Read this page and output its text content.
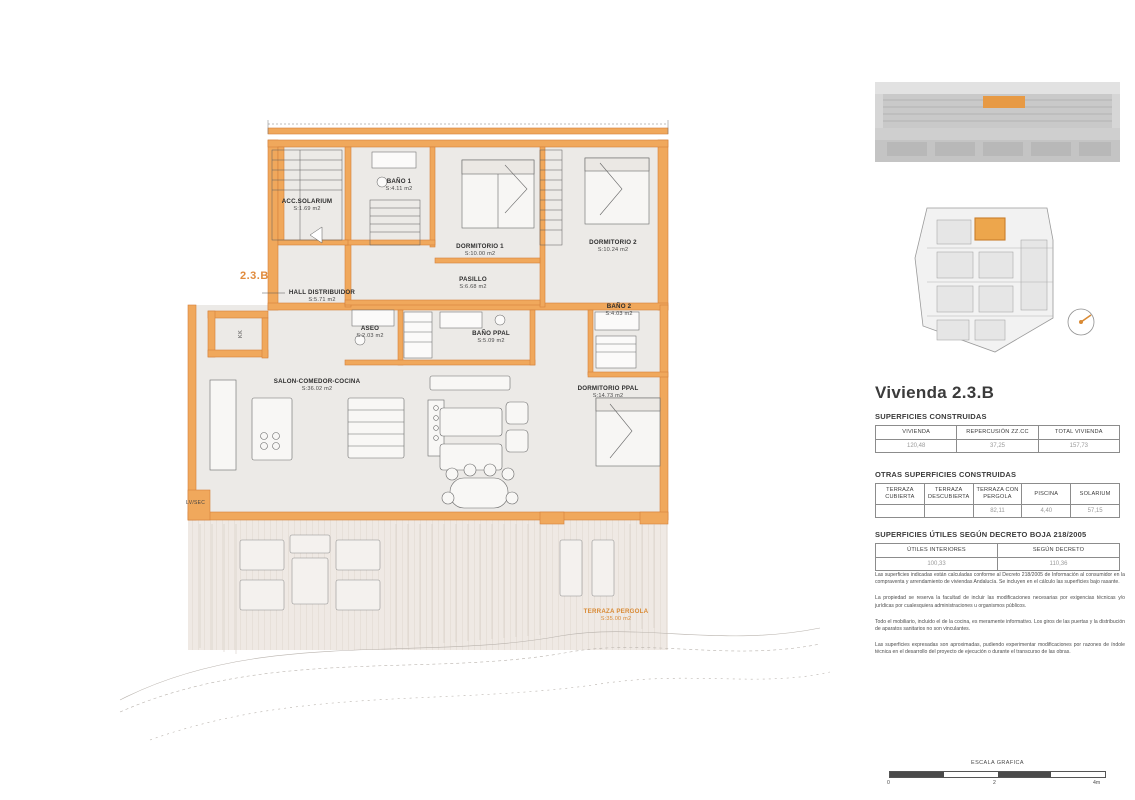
2.3.B
KK
LV/SEC
ACC.SOLARIUM
S:1.69 m2
BAÑO 1
S:4.11 m2
DORMITORIO 1
S:10.00 m2
DORMITORIO 2
S:10.24 m2
PASILLO
S:6.68 m2
HALL DISTRIBUIDOR
S:5.71 m2
BAÑO 2
S:4.03 m2
ASEO
S:2.03 m2	BAÑO PPAL
S:5.09 m2
DORMITORIO PPAL
S:14.73 m2
SALON-COMEDOR-COCINA
S:36.02 m2
TERRAZA PERGOLA
S:35.00 m2
Vivienda 2.3.B
SUPERFICIES CONSTRUIDAS
VIVIENDA	REPERCUSIÓN ZZ.CC	TOTAL VIVIENDA
120,48	37,25	157,73
OTRAS SUPERFICIES CONSTRUIDAS
TERRAZA CUBIERTA	TERRAZA DESCUBIERTA	TERRAZA CON PERGOLA	PISCINA	SOLARIUM
		82,11	4,40	57,15
SUPERFICIES ÚTILES SEGÚN DECRETO BOJA 218/2005
ÚTILES INTERIORES	SEGÚN DECRETO
100,33	110,36

Las superficies indicadas están calculadas conforme al Decreto 218/2005 de Información al consumidor en la compraventa y arrendamiento de viviendas Andalucía. Se incluyen en el cálculo las superficies bajo rasante.

La propiedad se reserva la facultad de incluir las modificaciones necesarias por exigencias técnicas y/o jurídicas por cualesquiera administraciones u organismos públicos.

Todo el mobiliario, incluido el de la cocina, es meramente informativo. Los giros de las puertas y la distribución de aparatos sanitarios no son vinculantes.

Las superficies expresadas son aproximadas, pudiendo experimentar modificaciones por razones de índole técnica en el desarrollo del proyecto de ejecución o durante el transcurso de las obras.

ESCALA GRAFICA
0	2	4m
